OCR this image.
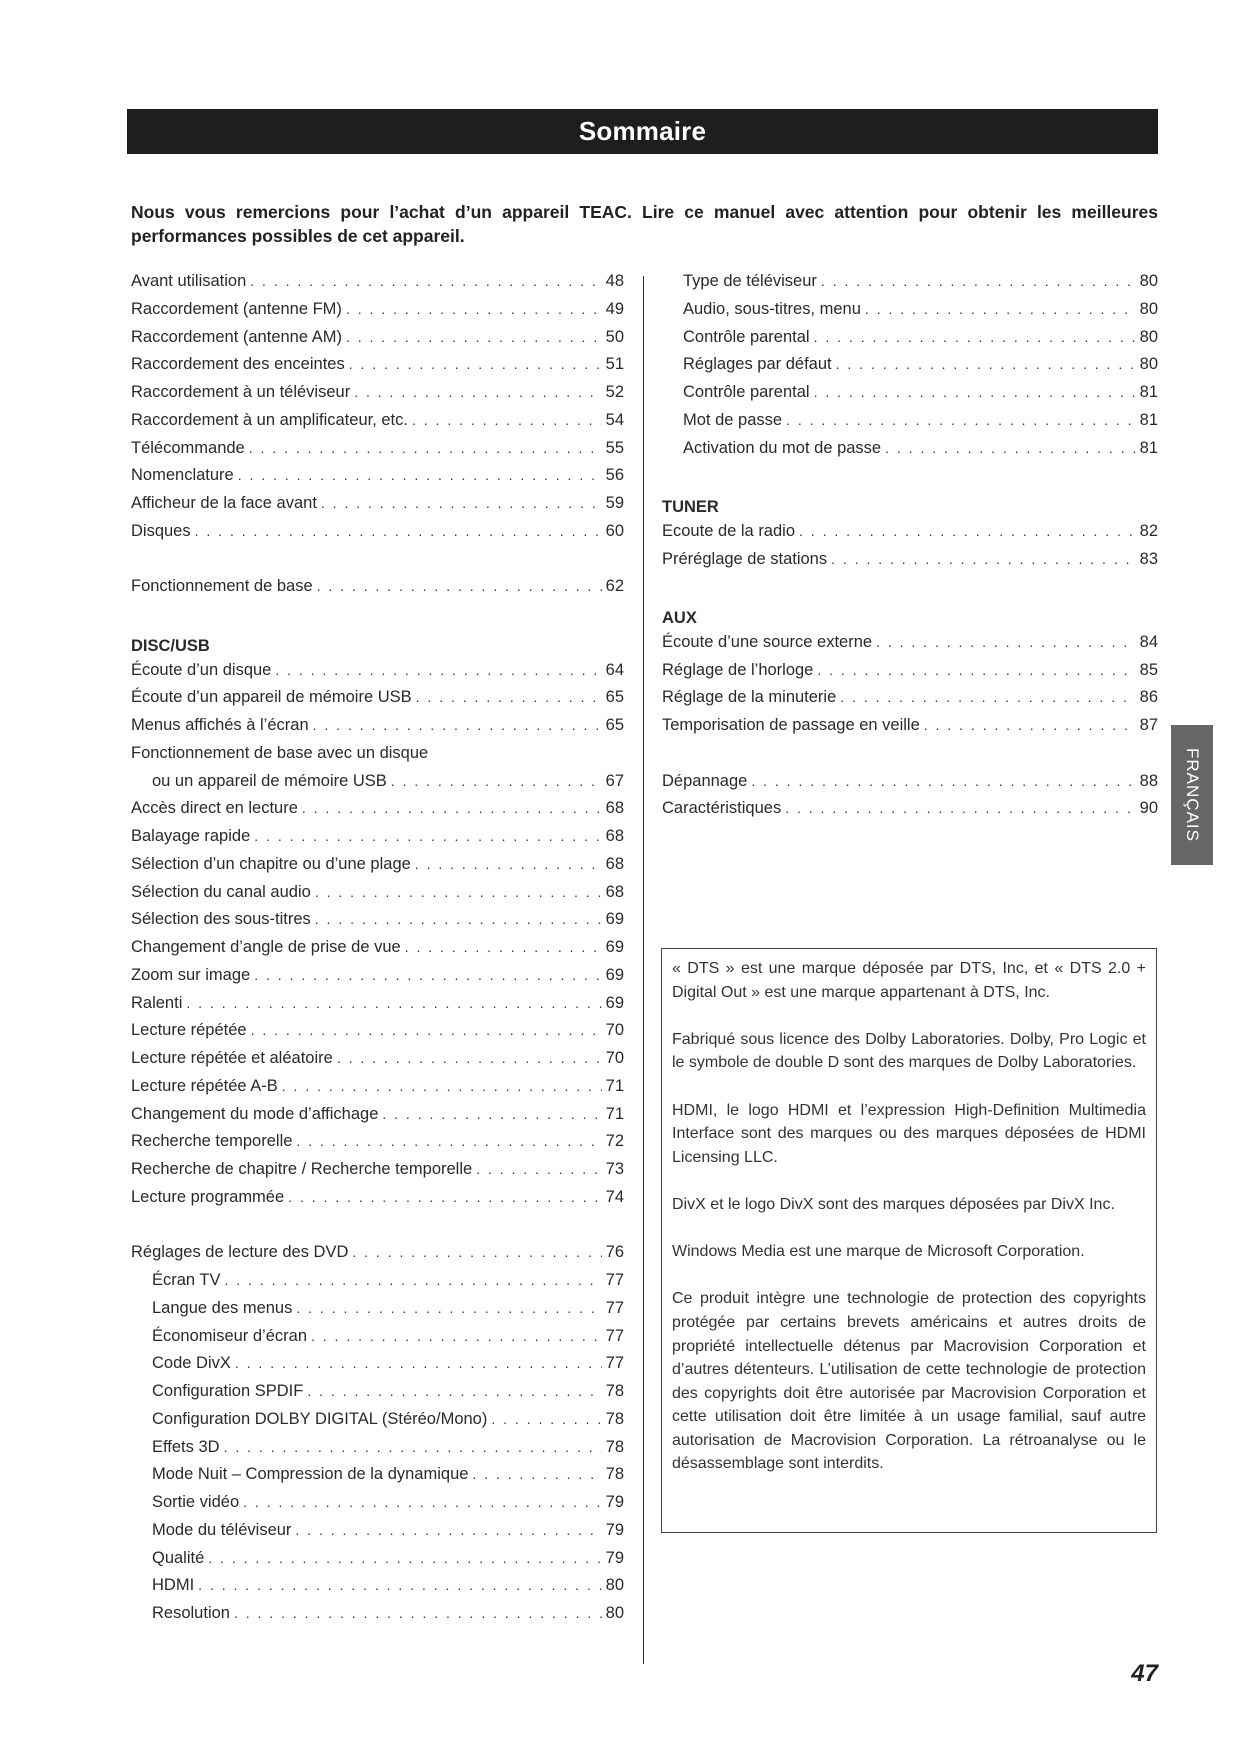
Sommaire
Nous vous remercions pour l’achat d’un appareil TEAC. Lire ce manuel avec attention pour obtenir les meilleures performances possibles de cet appareil.
Avant utilisation . . .	48
Raccordement (antenne FM) . . .	49
Raccordement (antenne AM) . . .	50
Raccordement des enceintes . . .	51
Raccordement à un téléviseur . . .	52
Raccordement à un amplificateur, etc. . . .	54
Télécommande . . .	55
Nomenclature . . .	56
Afficheur de la face avant . . .	59
Disques . . .	60
Fonctionnement de base . . .	62
DISC/USB
Écoute d’un disque . . .	64
Écoute d’un appareil de mémoire USB . . .	65
Menus affichés à l’écran . . .	65
Fonctionnement de base avec un disque
ou un appareil de mémoire USB . . .	67
Accès direct en lecture . . .	68
Balayage rapide . . .	68
Sélection d’un chapitre ou d’une plage . . .	68
Sélection du canal audio . . .	68
Sélection des sous-titres . . .	69
Changement d’angle de prise de vue . . .	69
Zoom sur image . . .	69
Ralenti . . .	69
Lecture répétée . . .	70
Lecture répétée et aléatoire . . .	70
Lecture répétée A-B . . .	71
Changement du mode d’affichage . . .	71
Recherche temporelle . . .	72
Recherche de chapitre / Recherche temporelle . . .	73
Lecture programmée . . .	74
Réglages de lecture des DVD . . .	76
Écran TV . . .	77
Langue des menus . . .	77
Économiseur d’écran . . .	77
Code DivX . . .	77
Configuration SPDIF . . .	78
Configuration DOLBY DIGITAL (Stéréo/Mono) . . .	78
Effets 3D . . .	78
Mode Nuit – Compression de la dynamique . . .	78
Sortie vidéo . . .	79
Mode du téléviseur . . .	79
Qualité . . .	79
HDMI . . .	80
Resolution . . .	80
Type de téléviseur . . .	80
Audio, sous-titres, menu . . .	80
Contrôle parental . . .	80
Réglages par défaut . . .	80
Contrôle parental . . .	81
Mot de passe . . .	81
Activation du mot de passe . . .	81
TUNER
Ecoute de la radio . . .	82
Préréglage de stations . . .	83
AUX
Écoute d’une source externe . . .	84
Réglage de l’horloge . . .	85
Réglage de la minuterie . . .	86
Temporisation de passage en veille . . .	87
Dépannage . . .	88
Caractéristiques . . .	90

« DTS » est une marque déposée par DTS, Inc, et « DTS 2.0 + Digital Out » est une marque appartenant à DTS, Inc.

Fabriqué sous licence des Dolby Laboratories. Dolby, Pro Logic et le symbole de double D sont des marques de Dolby Laboratories.

HDMI, le logo HDMI et l’expression High-Definition Multimedia Interface sont des marques ou des marques déposées de HDMI Licensing LLC.

DivX et le logo DivX sont des marques déposées par DivX Inc.

Windows Media est une marque de Microsoft Corporation.

Ce produit intègre une technologie de protection des copyrights protégée par certains brevets américains et autres droits de propriété intellectuelle détenus par Macrovision Corporation et d’autres détenteurs. L’utilisation de cette technologie de protection des copyrights doit être autorisée par Macrovision Corporation et cette utilisation doit être limitée à un usage familial, sauf autre autorisation de Macrovision Corporation. La rétroanalyse ou le désassemblage sont interdits.

FRANÇAIS
47
